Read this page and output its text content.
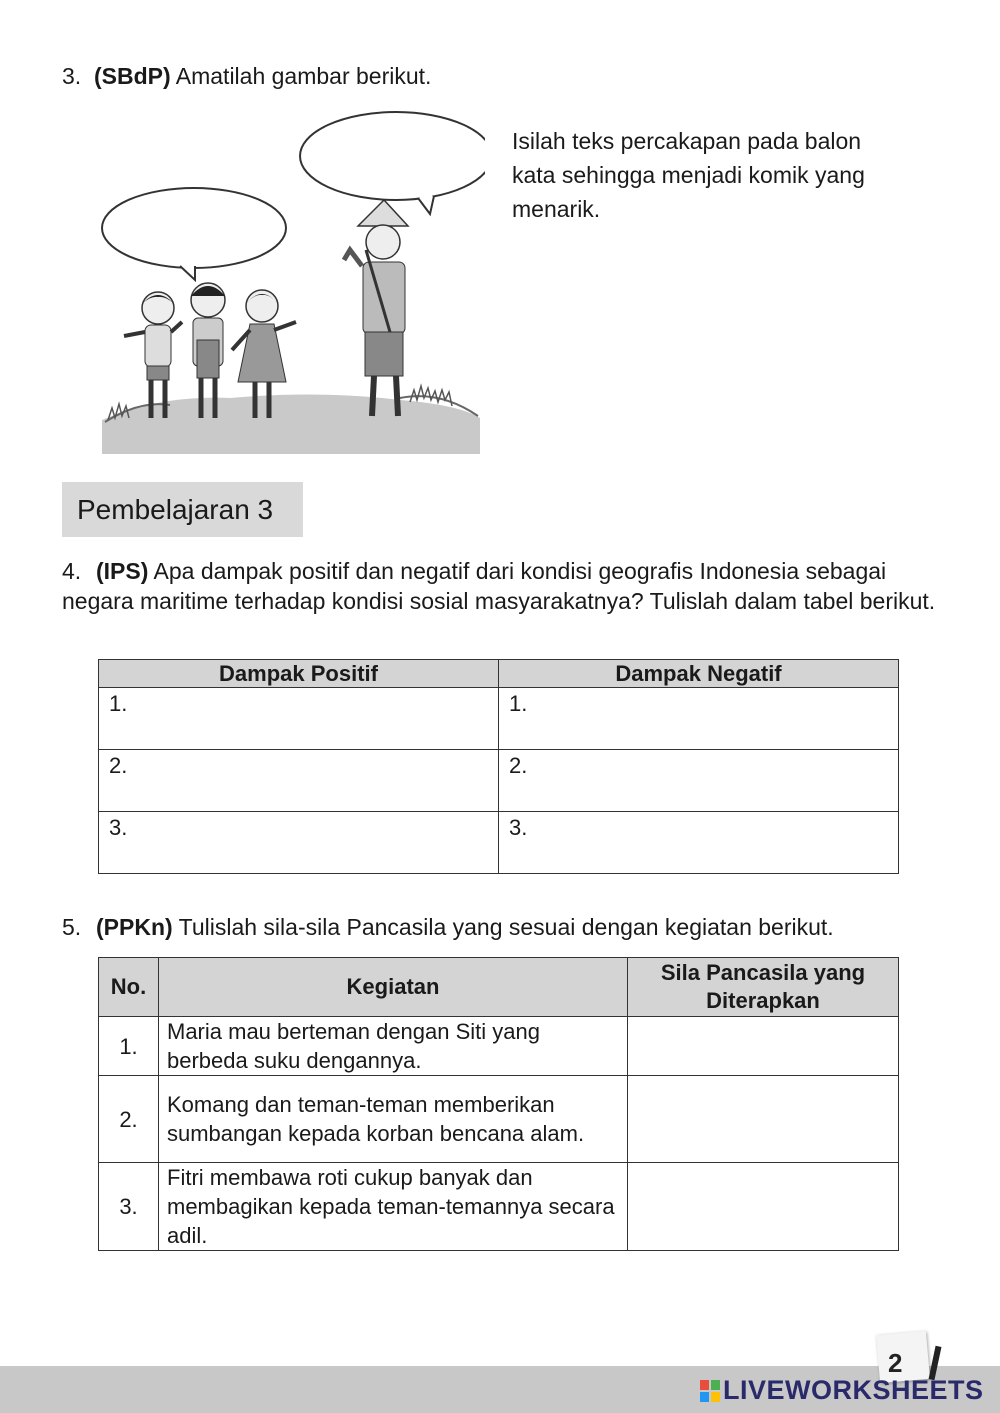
3. (SBdP) Amatilah gambar berikut.
Isilah teks percakapan pada balon kata sehingga menjadi komik yang menarik.
Pembelajaran 3
4. (IPS) Apa dampak positif dan negatif dari kondisi geografis Indonesia sebagai negara maritime terhadap kondisi sosial masyarakatnya? Tulislah dalam tabel berikut.
Dampak Positif	Dampak Negatif
1.	1.
2.	2.
3.	3.
5. (PPKn) Tulislah sila-sila Pancasila yang sesuai dengan kegiatan berikut.
No.	Kegiatan	Sila Pancasila yang Diterapkan
1.	Maria mau berteman dengan Siti yang berbeda suku dengannya.	
2.	Komang dan teman-teman memberikan sumbangan kepada korban bencana alam.	
3.	Fitri membawa roti cukup banyak dan membagikan kepada teman-temannya secara adil.	
2
LIVEWORKSHEETS
